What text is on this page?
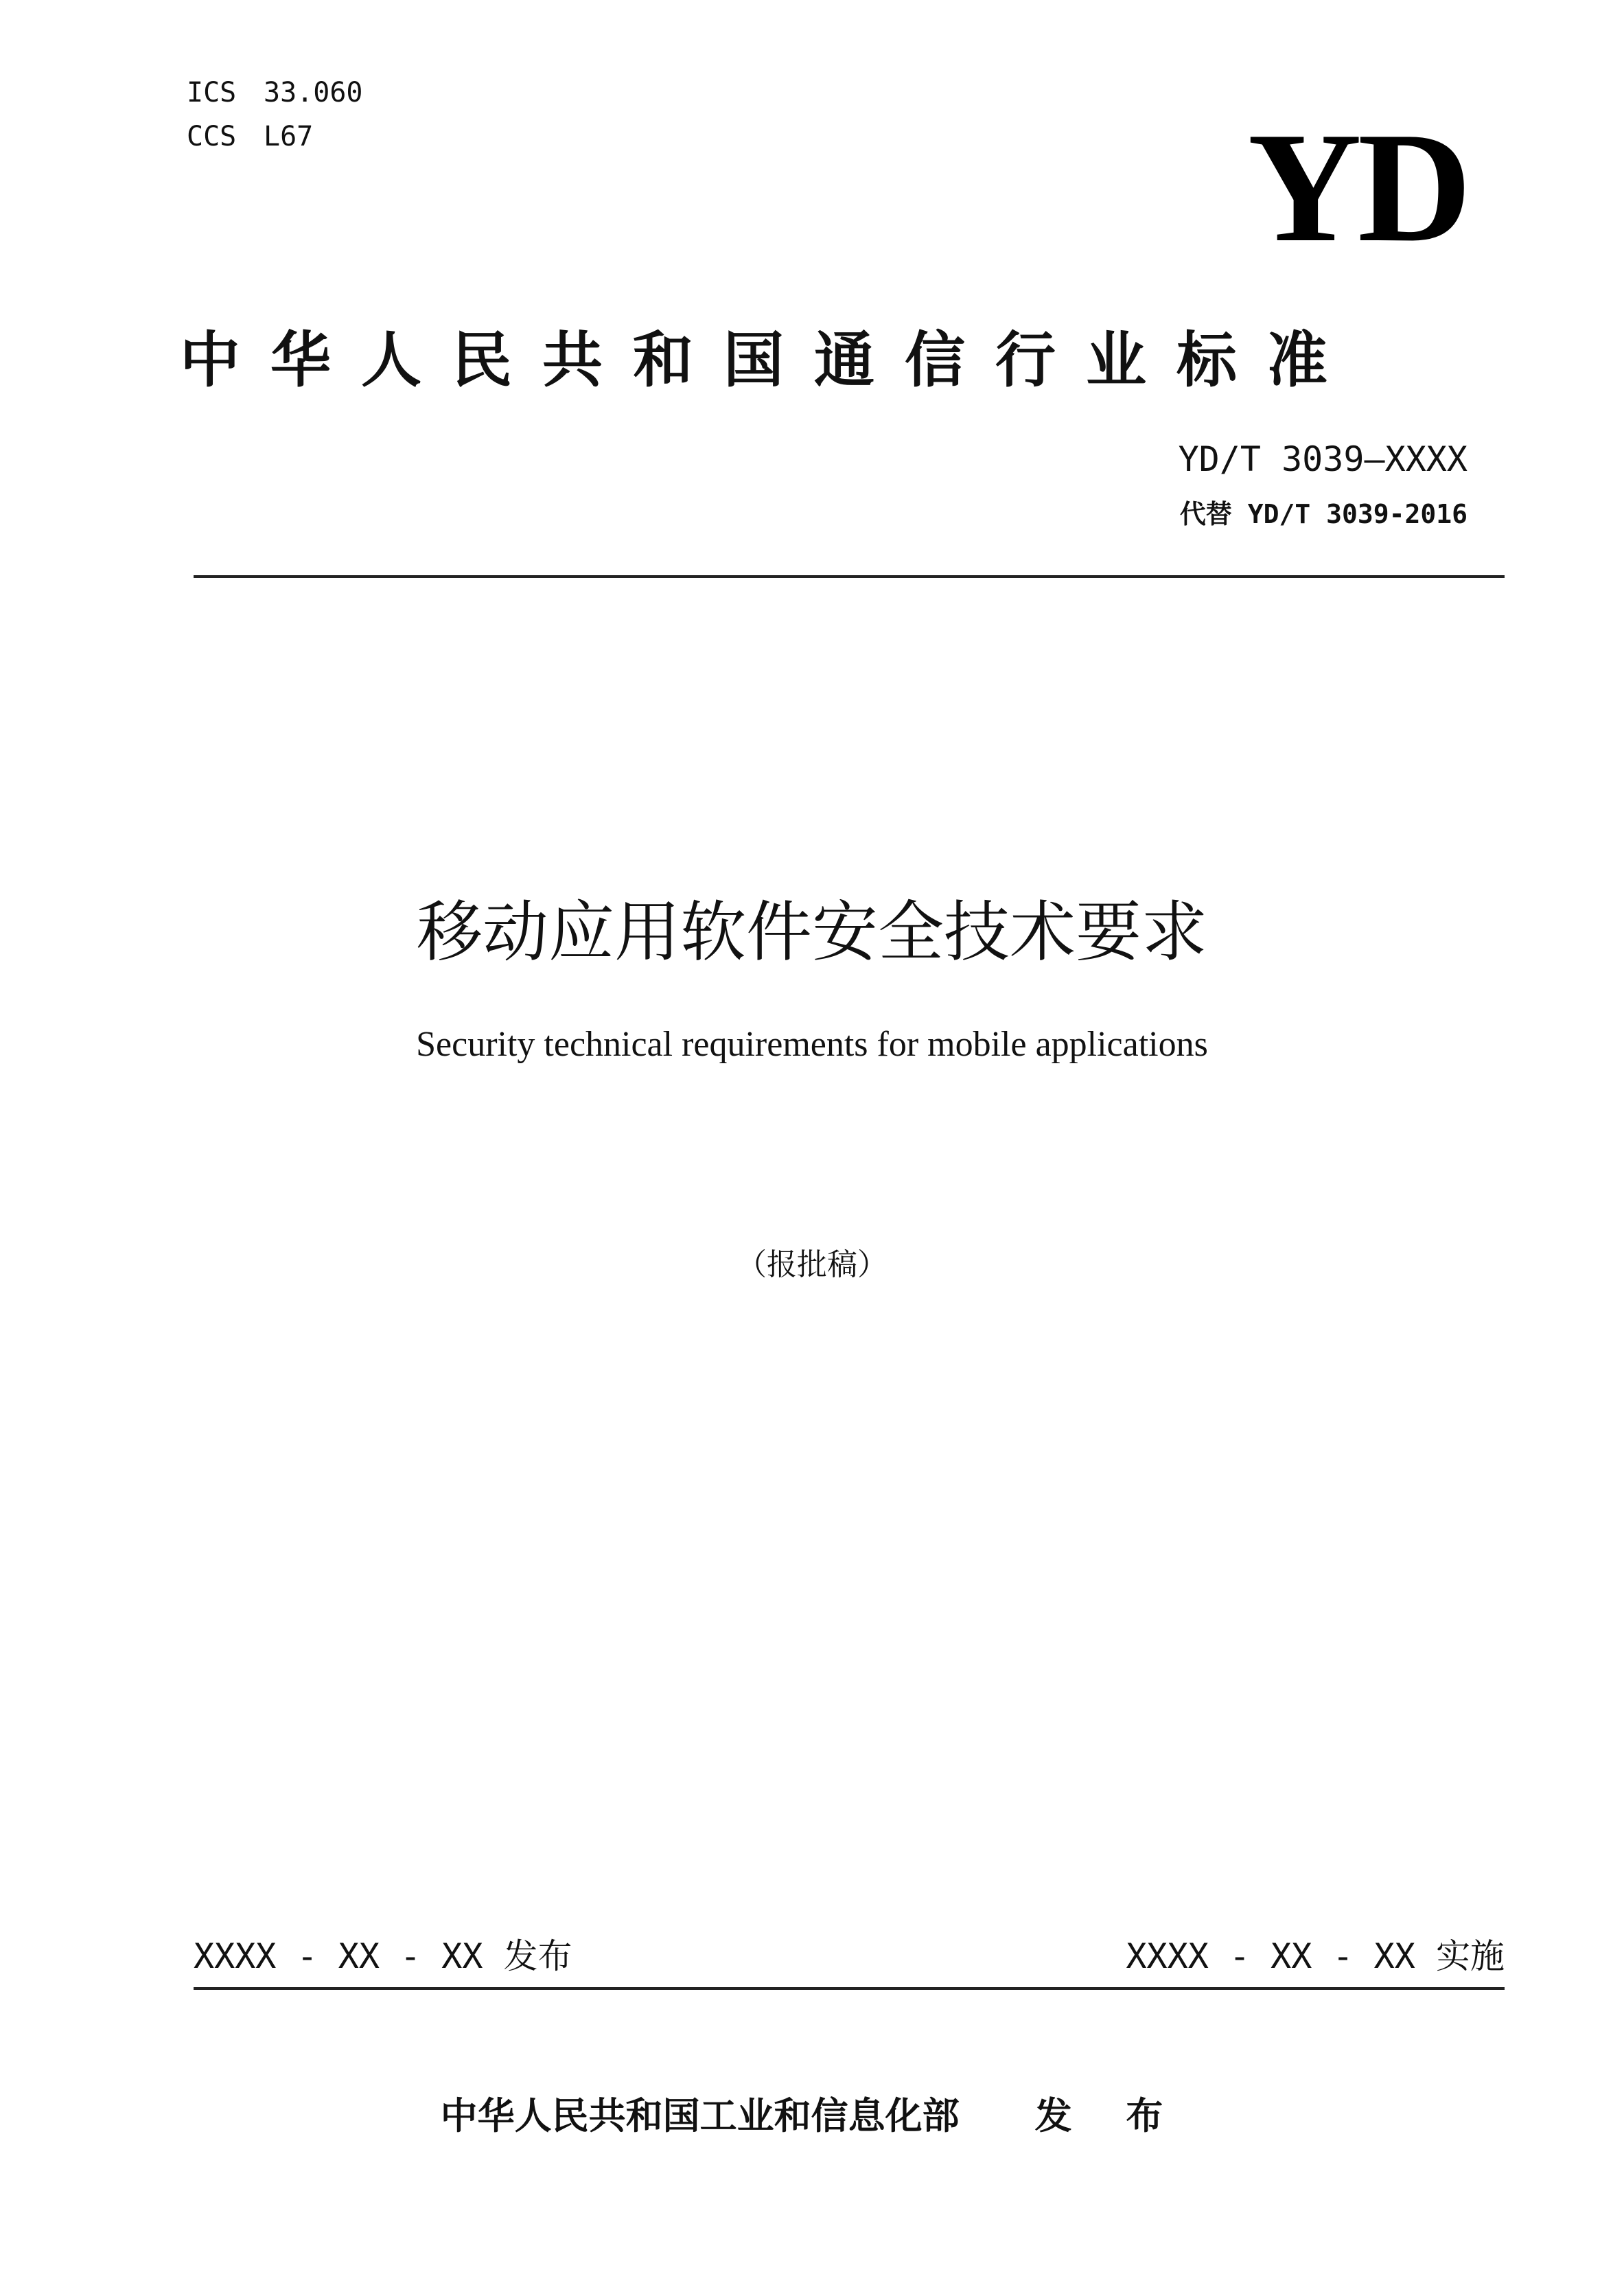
ICS 33.060
CCS L67	YD
中华人民共和国通信行业标准
YD/T 3039—XXXX
代替 YD/T 3039-2016
移动应用软件安全技术要求
Security technical requirements for mobile applications
（报批稿）
XXXX - XX - XX 发布	XXXX - XX - XX 实施
中华人民共和国工业和信息化部 发 布
